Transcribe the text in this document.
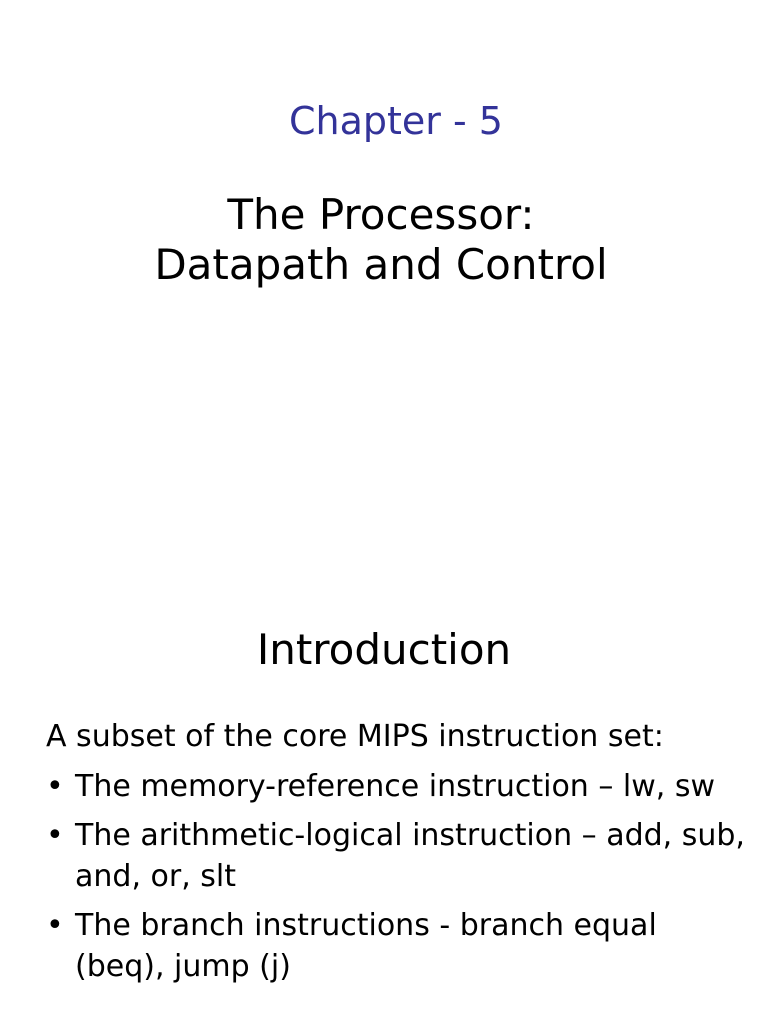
Chapter - 5
The Processor:
Datapath and Control
Introduction
A subset of the core MIPS instruction set:
• The memory-reference instruction – lw, sw
• The arithmetic-logical instruction – add, sub, and, or, slt
• The branch instructions - branch equal (beq), jump (j)
